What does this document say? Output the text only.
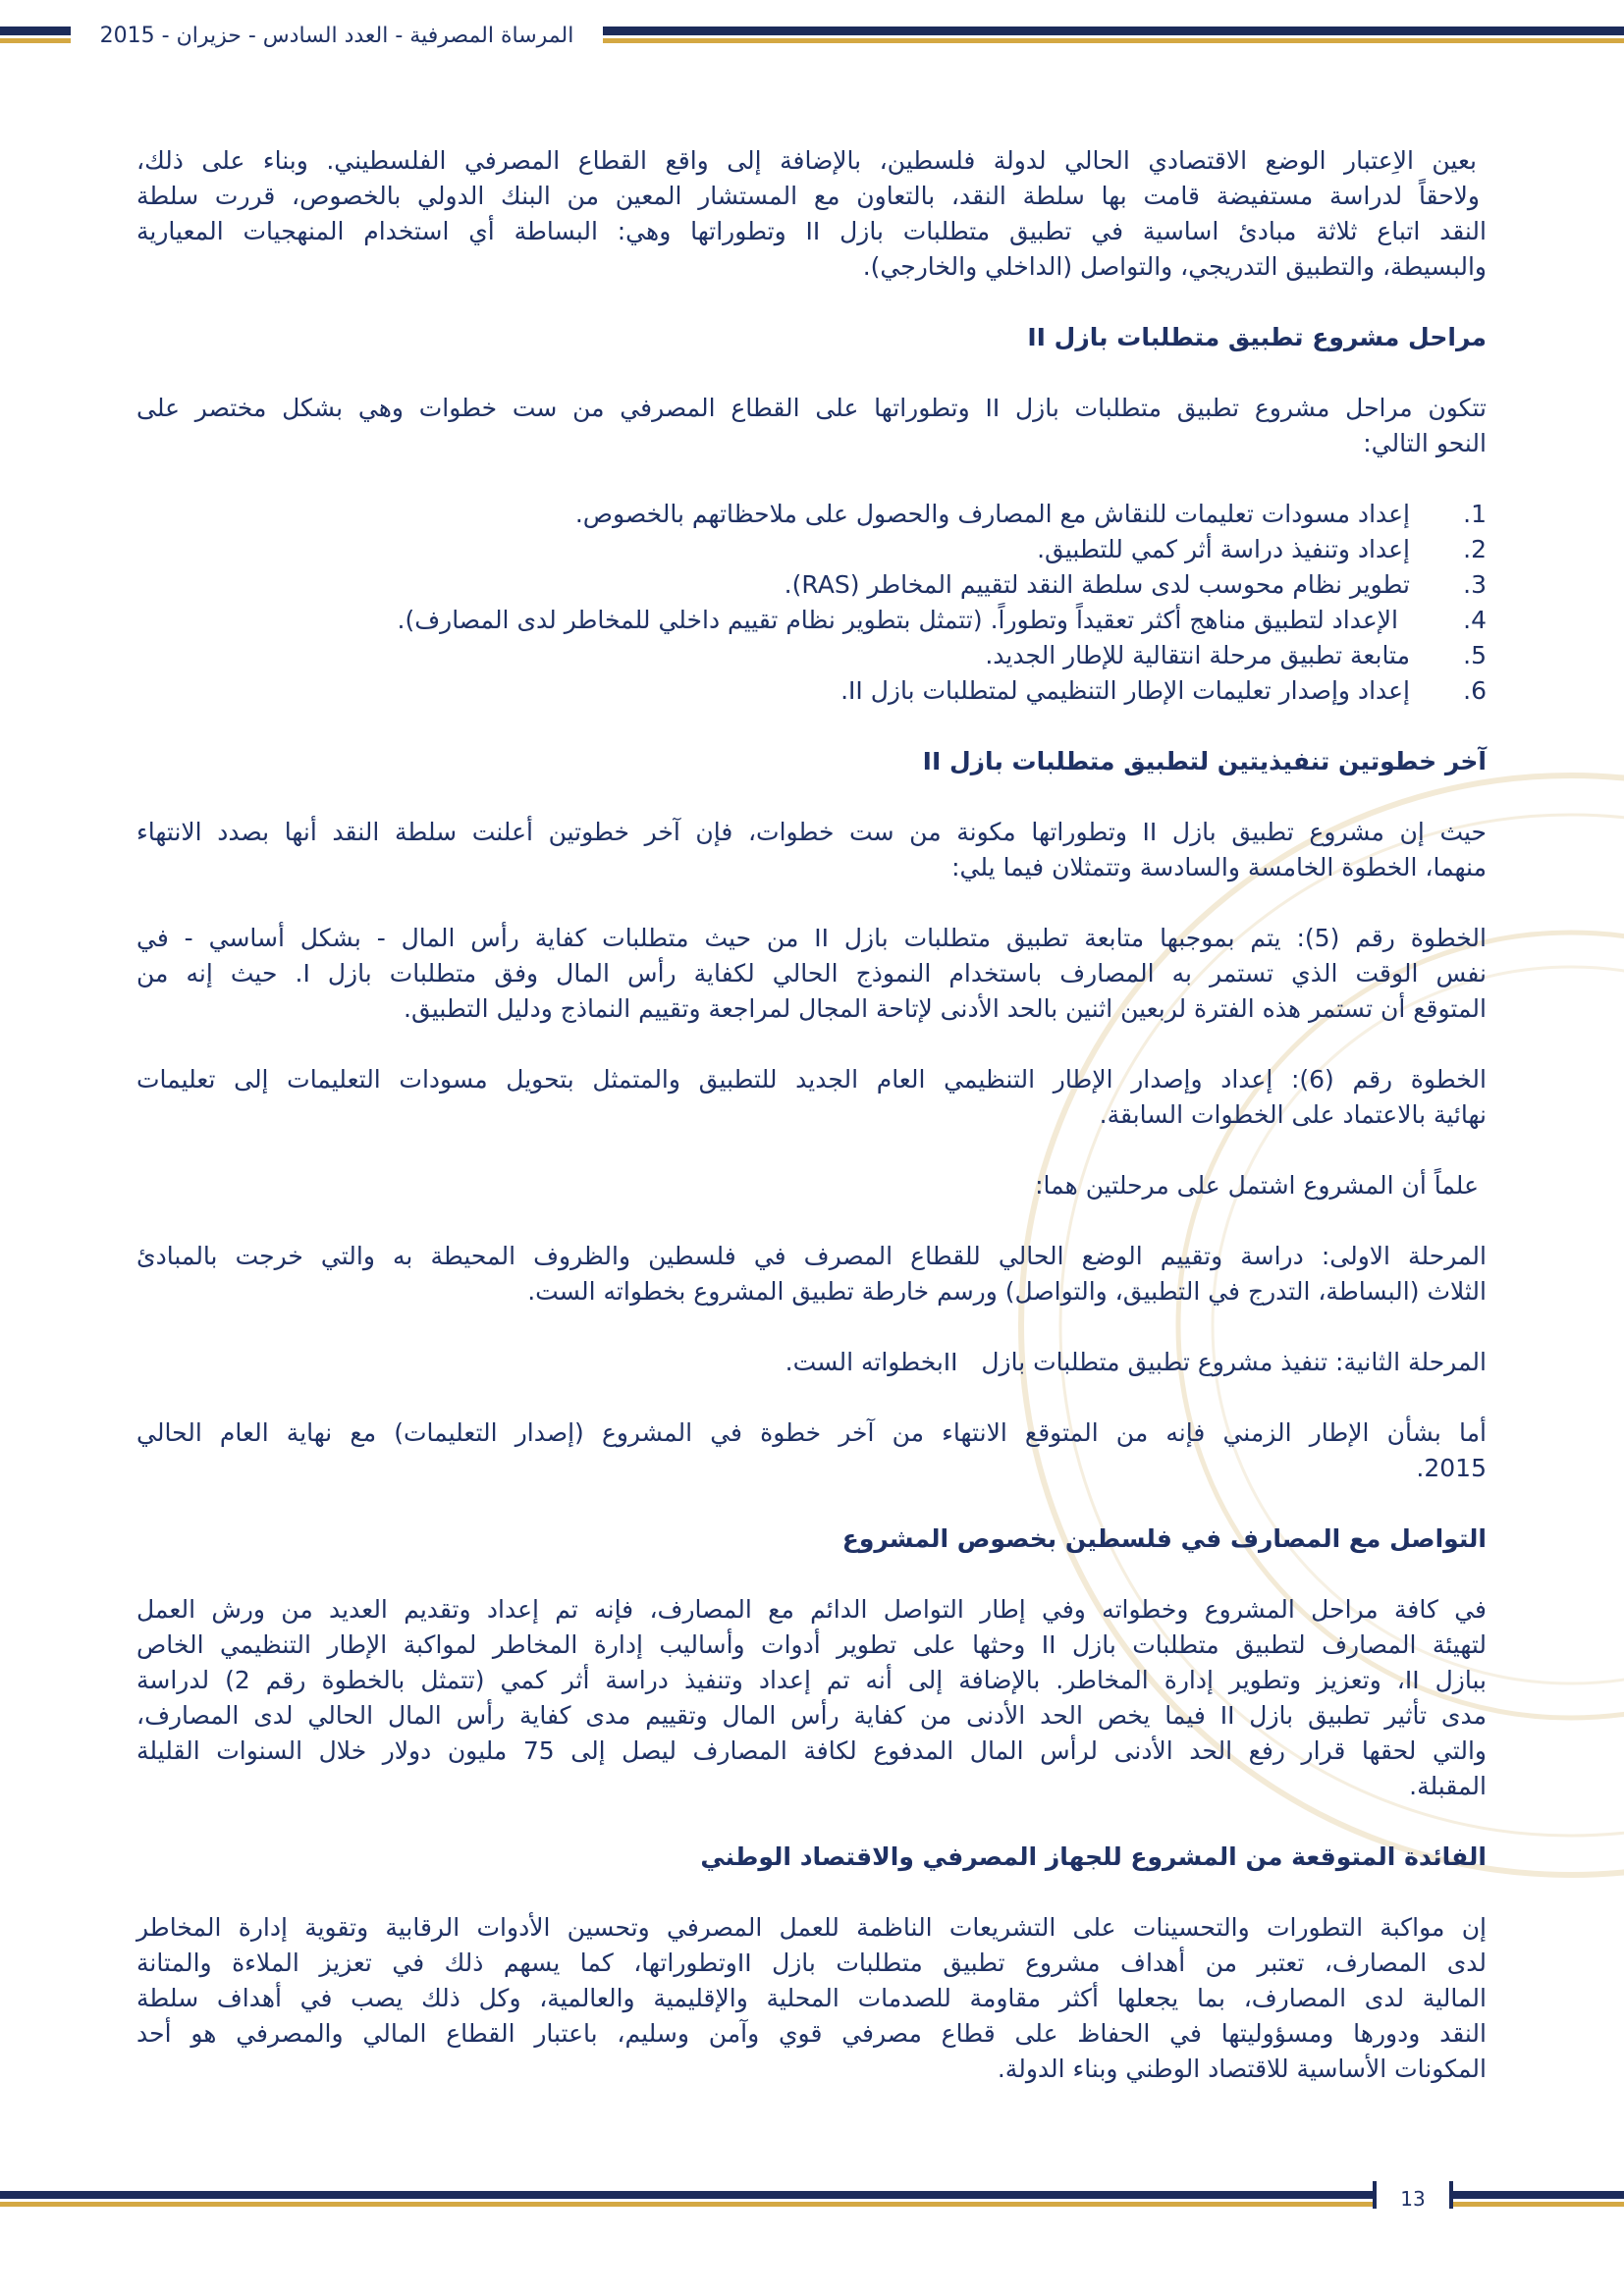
المرساة المصرفية - العدد السادس - حزيران - 2015
بعين الاِعتبار الوضع الاقتصادي الحالي لدولة فلسطين، بالإضافة إلى واقع القطاع المصرفي الفلسطيني. وبناء على ذلك،
ولاحقاً لدراسة مستفيضة قامت بها سلطة النقد، بالتعاون مع المستشار المعين من البنك الدولي بالخصوص، قررت سلطة
النقد اتباع ثلاثة مبادئ اساسية في تطبيق متطلبات بازل II وتطوراتها وهي: البساطة أي استخدام المنهجيات المعيارية
والبسيطة، والتطبيق التدريجي، والتواصل (الداخلي والخارجي).
مراحل مشروع تطبيق متطلبات بازل II
تتكون مراحل مشروع تطبيق متطلبات بازل II وتطوراتها على القطاع المصرفي من ست خطوات وهي بشكل مختصر على
النحو التالي:
1.
إعداد مسودات تعليمات للنقاش مع المصارف والحصول على ملاحظاتهم بالخصوص.
2.
إعداد وتنفيذ دراسة أثر كمي للتطبيق.
3.
تطوير نظام محوسب لدى سلطة النقد لتقييم المخاطر (RAS).
4.
الإعداد لتطبيق مناهج أكثر تعقيداً وتطوراً. (تتمثل بتطوير نظام تقييم داخلي للمخاطر لدى المصارف).
5.
متابعة تطبيق مرحلة انتقالية للإطار الجديد.
6.
إعداد وإصدار تعليمات الإطار التنظيمي لمتطلبات بازل II.
آخر خطوتين تنفيذيتين لتطبيق متطلبات بازل II
حيث إن مشروع تطبيق بازل II وتطوراتها مكونة من ست خطوات، فإن آخر خطوتين أعلنت سلطة النقد أنها بصدد الانتهاء
منهما، الخطوة الخامسة والسادسة وتتمثلان فيما يلي:
الخطوة رقم (5): يتم بموجبها متابعة تطبيق متطلبات بازل II من حيث متطلبات كفاية رأس المال - بشكل أساسي - في
نفس الوقت الذي تستمر به المصارف باستخدام النموذج الحالي لكفاية رأس المال وفق متطلبات بازل I. حيث إنه من
المتوقع أن تستمر هذه الفترة لربعين اثنين بالحد الأدنى لإتاحة المجال لمراجعة وتقييم النماذج ودليل التطبيق.
الخطوة رقم (6): إعداد وإصدار الإطار التنظيمي العام الجديد للتطبيق والمتمثل بتحويل مسودات التعليمات إلى تعليمات
نهائية بالاعتماد على الخطوات السابقة.
علماً أن المشروع اشتمل على مرحلتين هما:
المرحلة الاولى: دراسة وتقييم الوضع الحالي للقطاع المصرف في فلسطين والظروف المحيطة به والتي خرجت بالمبادئ
الثلاث (البساطة، التدرج في التطبيق، والتواصل) ورسم خارطة تطبيق المشروع بخطواته الست.
المرحلة الثانية: تنفيذ مشروع تطبيق متطلبات بازل   IIبخطواته الست.
أما بشأن الإطار الزمني فإنه من المتوقع الانتهاء من آخر خطوة في المشروع (إصدار التعليمات) مع نهاية العام الحالي
2015.
التواصل مع المصارف في فلسطين بخصوص المشروع
في كافة مراحل المشروع وخطواته وفي إطار التواصل الدائم مع المصارف، فإنه تم إعداد وتقديم العديد من ورش العمل
لتهيئة المصارف لتطبيق متطلبات بازل II وحثها على تطوير أدوات وأساليب إدارة المخاطر لمواكبة الإطار التنظيمي الخاص
ببازل II، وتعزيز وتطوير إدارة المخاطر. بالإضافة إلى أنه تم إعداد وتنفيذ دراسة أثر كمي (تتمثل بالخطوة رقم 2) لدراسة
مدى تأثير تطبيق بازل II فيما يخص الحد الأدنى من كفاية رأس المال وتقييم مدى كفاية رأس المال الحالي لدى المصارف،
والتي لحقها قرار رفع الحد الأدنى لرأس المال المدفوع لكافة المصارف ليصل إلى 75 مليون دولار خلال السنوات القليلة
المقبلة.
الفائدة المتوقعة من المشروع للجهاز المصرفي والاقتصاد الوطني
إن مواكبة التطورات والتحسينات على التشريعات الناظمة للعمل المصرفي وتحسين الأدوات الرقابية وتقوية إدارة المخاطر
لدى المصارف، تعتبر من أهداف مشروع تطبيق متطلبات بازل IIوتطوراتها، كما يسهم ذلك في تعزيز الملاءة والمتانة
المالية لدى المصارف، بما يجعلها أكثر مقاومة للصدمات المحلية والإقليمية والعالمية، وكل ذلك يصب في أهداف سلطة
النقد ودورها ومسؤوليتها في الحفاظ على قطاع مصرفي قوي وآمن وسليم، باعتبار القطاع المالي والمصرفي هو أحد
المكونات الأساسية للاقتصاد الوطني وبناء الدولة.
13
